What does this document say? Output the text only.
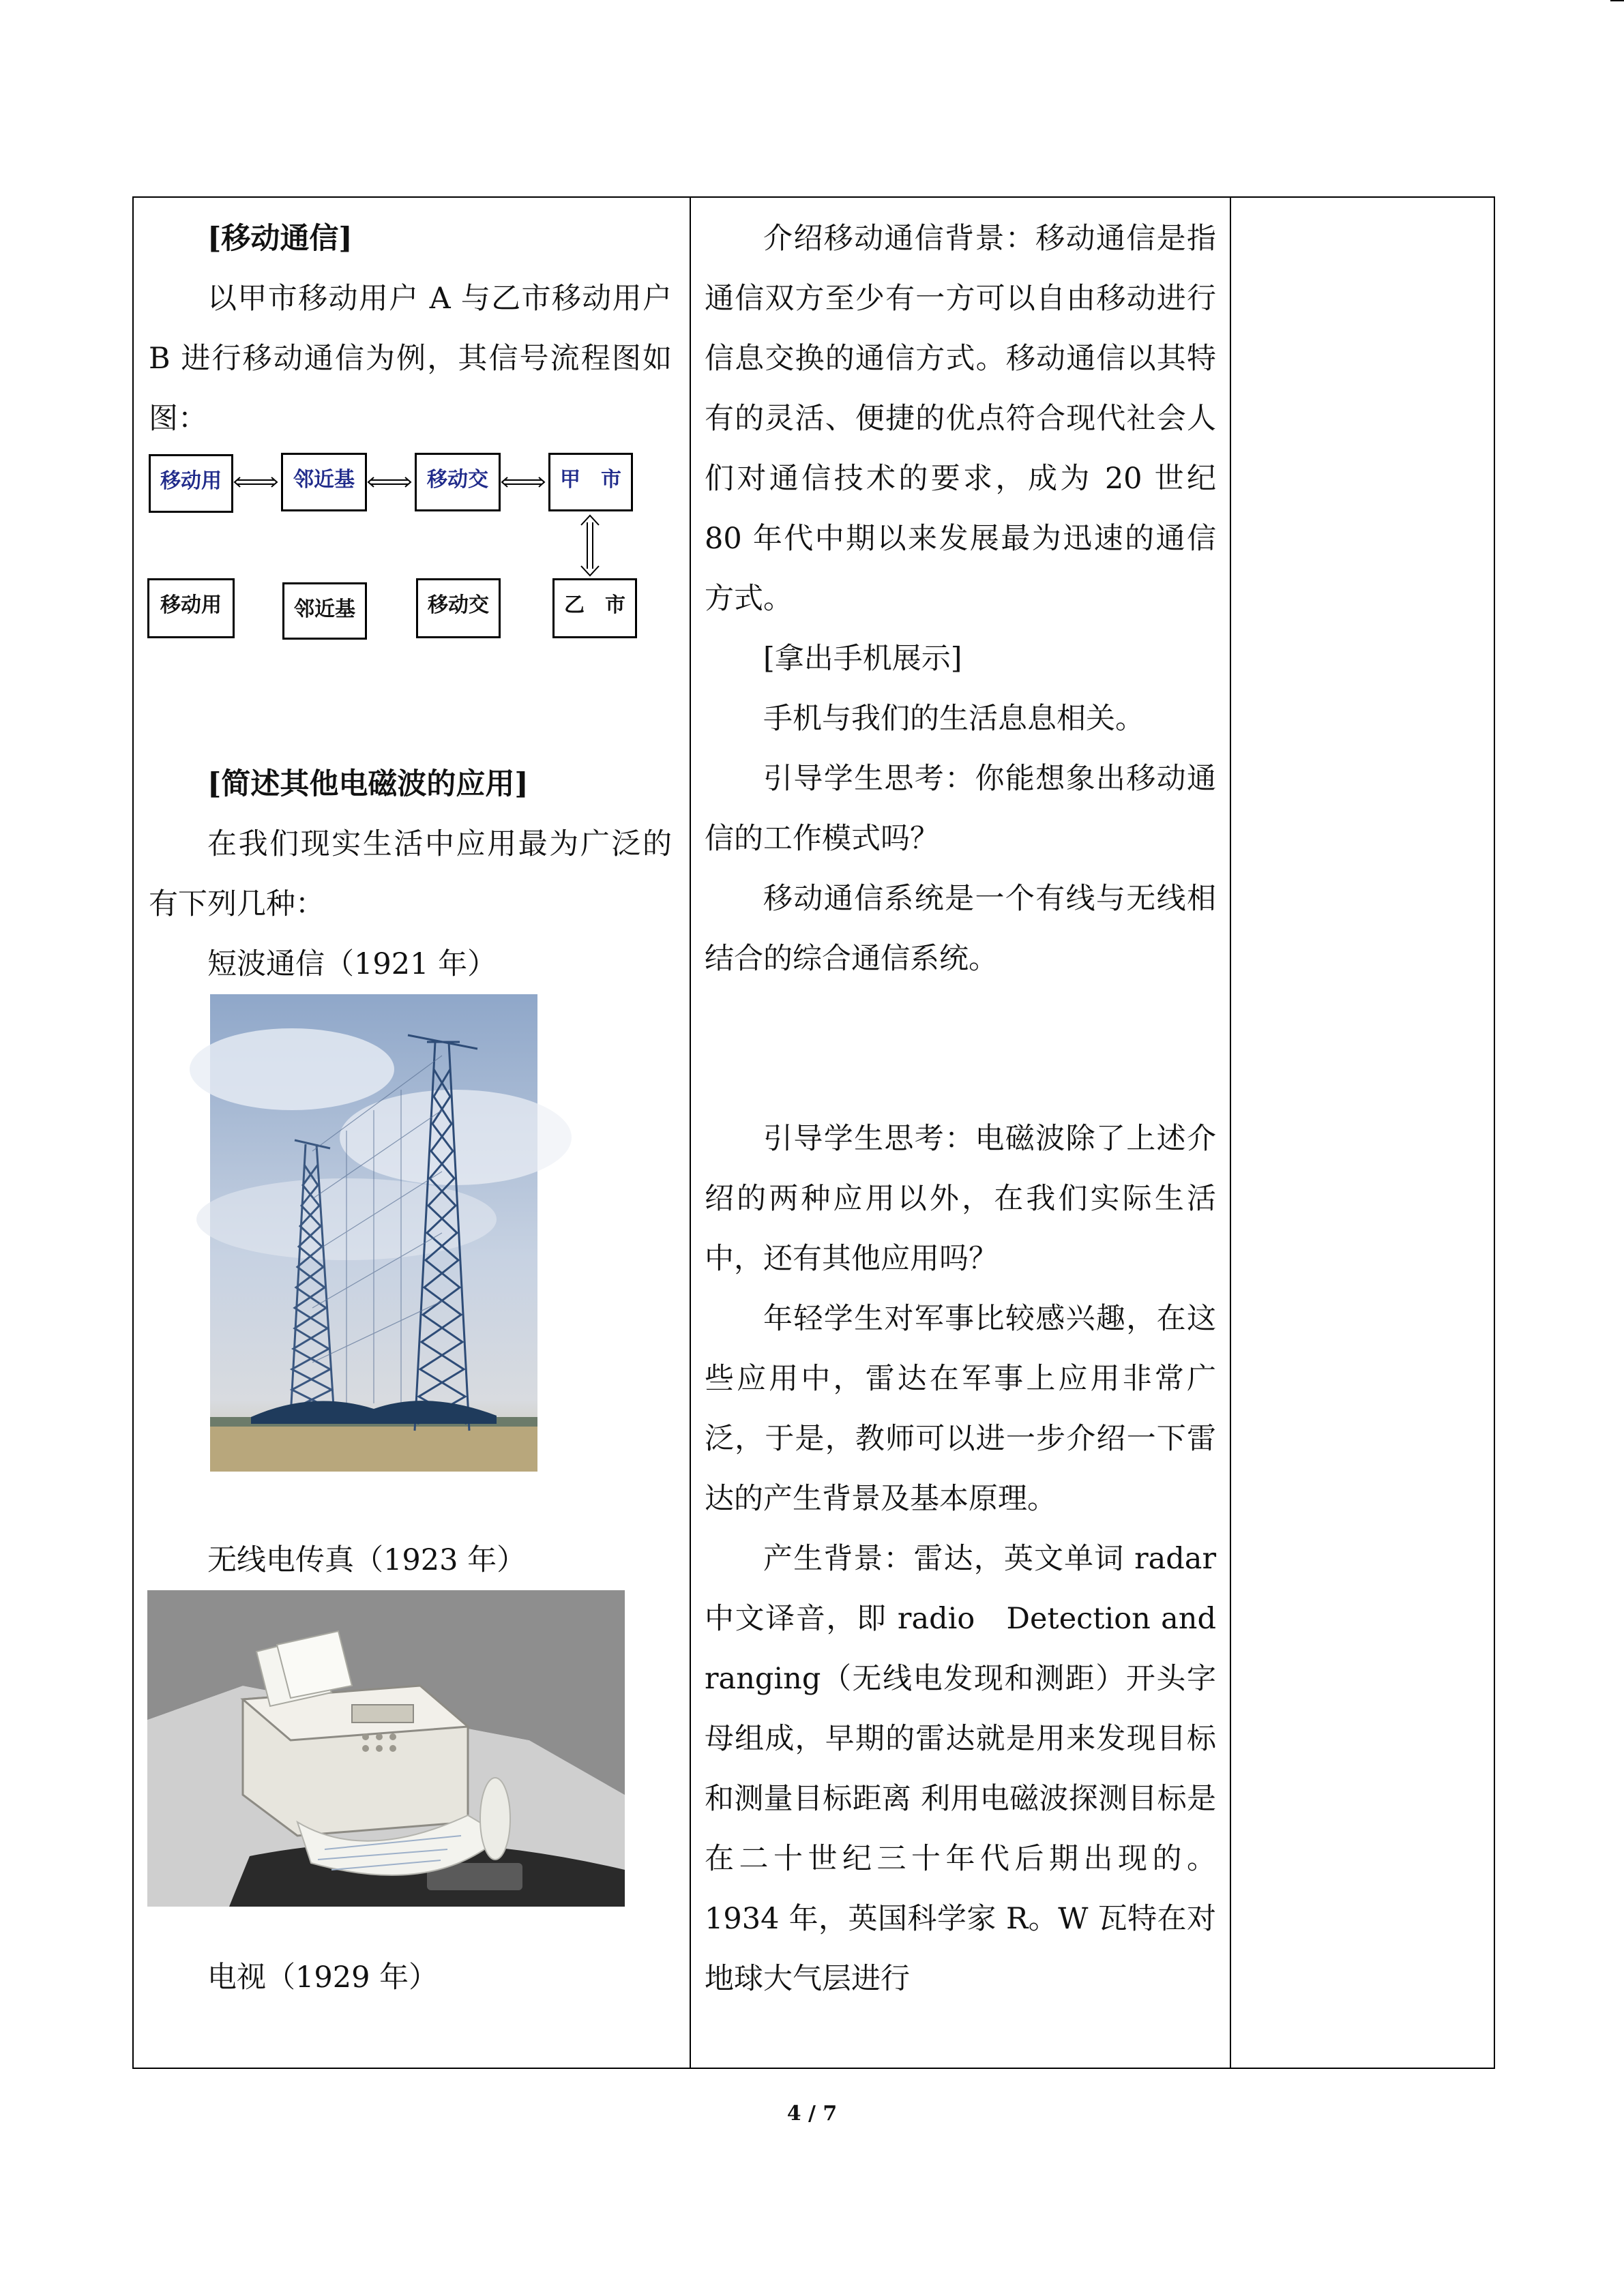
[移动通信]

以甲市移动用户 A 与乙市移动用户 B 进行移动通信为例，其信号流程图如图：

移动用	邻近基	移动交	甲　市
移动用	邻近基	移动交	乙　市

[简述其他电磁波的应用]

在我们现实生活中应用最为广泛的有下列几种：

短波通信（1921 年）

无线电传真（1923 年）

电视（1929 年）

介绍移动通信背景：移动通信是指通信双方至少有一方可以自由移动进行信息交换的通信方式。移动通信以其特有的灵活、便捷的优点符合现代社会人们对通信技术的要求，成为 20 世纪 80 年代中期以来发展最为迅速的通信方式。

[拿出手机展示]

手机与我们的生活息息相关。

引导学生思考：你能想象出移动通信的工作模式吗？

移动通信系统是一个有线与无线相结合的综合通信系统。

引导学生思考：电磁波除了上述介绍的两种应用以外，在我们实际生活中，还有其他应用吗？

年轻学生对军事比较感兴趣，在这些应用中，雷达在军事上应用非常广泛，于是，教师可以进一步介绍一下雷达的产生背景及基本原理。

产生背景：雷达，英文单词 radar 中文译音，即 radio　Detection and　ranging（无线电发现和测距）开头字母组成，早期的雷达就是用来发现目标和测量目标距离 利用电磁波探测目标是在二十世纪三十年代后期出现的。1934 年，英国科学家 R。W 瓦特在对地球大气层进行

4 / 7
